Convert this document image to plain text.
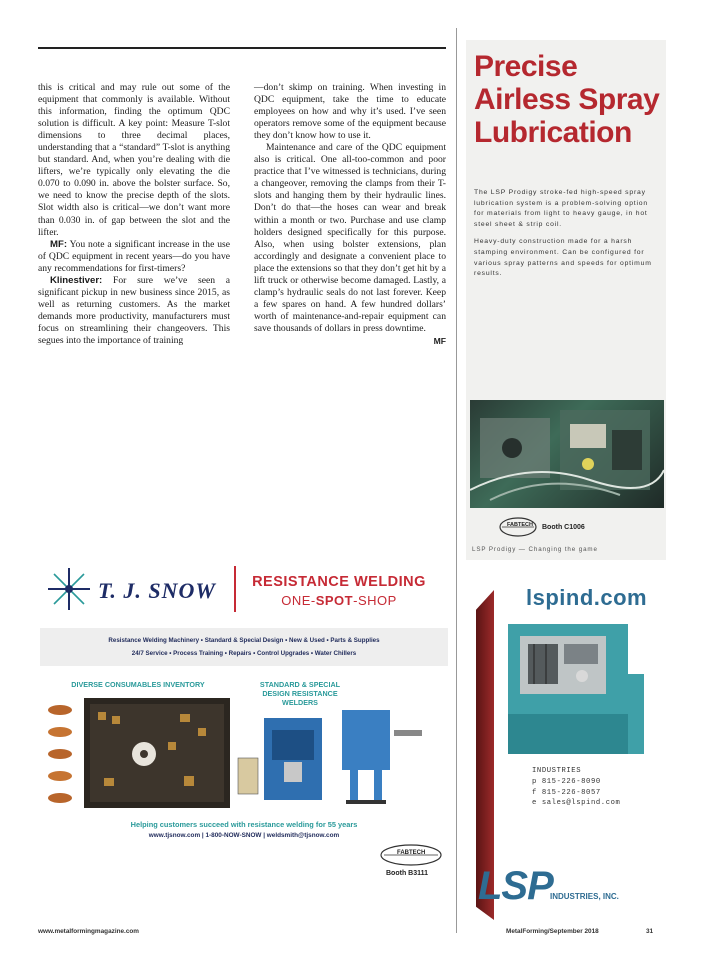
this is critical and may rule out some of the equipment that commonly is available. Without this information, finding the optimum QDC solution is difficult. A key point: Measure T-slot dimensions to three decimal places, understanding that a “standard” T-slot is anything but standard. And, when you’re dealing with die lifters, we’re typically only elevating the die 0.070 to 0.090 in. above the bolster surface. So, we need to know the precise depth of the slots. Slot width also is critical—we don’t want more than 0.030 in. of gap between the slot and the lifter.

MF: You note a significant increase in the use of QDC equipment in recent years—do you have any recommendations for first-timers?

Klinestiver: For sure we’ve seen a significant pickup in new business since 2015, as well as returning customers. As the market demands more productivity, manufacturers must focus on streamlining their changeovers. This segues into the importance of training

—don’t skimp on training. When investing in QDC equipment, take the time to educate employees on how and why it’s used. I’ve seen operators remove some of the equipment because they don’t know how to use it.

Maintenance and care of the QDC equipment also is critical. One all-too-common and poor practice that I’ve witnessed is technicians, during a changeover, removing the clamps from their T-slots and hanging them by their hydraulic lines. Don’t do that—the hoses can wear and break within a month or two. Purchase and use clamp holders designed specifically for this purpose. Also, when using bolster extensions, plan accordingly and designate a convenient place to place the extensions so that they don’t get hit by a lift truck or otherwise become damaged. Lastly, a clamp’s hydraulic seals do not last forever. Keep a few spares on hand. A few hundred dollars’ worth of maintenance-and-repair equipment can save thousands of dollars in press downtime.
MF

Precise
Airless Spray
Lubrication

The LSP Prodigy stroke-fed high-speed spray lubrication system is a problem-solving option for materials from light to heavy gauge, in hot steel sheet & strip coil.

Heavy-duty construction made for a harsh stamping environment. Can be configured for various spray patterns and speeds for optimum results.

FABTECH Booth C1006
LSP Prodigy — Changing the game
lspind.com
INDUSTRIES
p 815-226-8090
f 815-226-8057
e sales@lspind.com
LSP
INDUSTRIES, INC.
T. J. SNOW	RESISTANCE WELDING
ONE-SPOT-SHOP
Resistance Welding Machinery • Standard & Special Design • New & Used • Parts & Supplies
24/7 Service • Process Training • Repairs • Control Upgrades • Water Chillers
DIVERSE CONSUMABLES INVENTORY	STANDARD & SPECIAL DESIGN RESISTANCE WELDERS
Helping customers succeed with resistance welding for 55 years
www.tjsnow.com | 1-800-NOW-SNOW | weldsmith@tjsnow.com
FABTECH
Booth B3111
www.metalformingmagazine.com	MetalForming/September 2018	31
